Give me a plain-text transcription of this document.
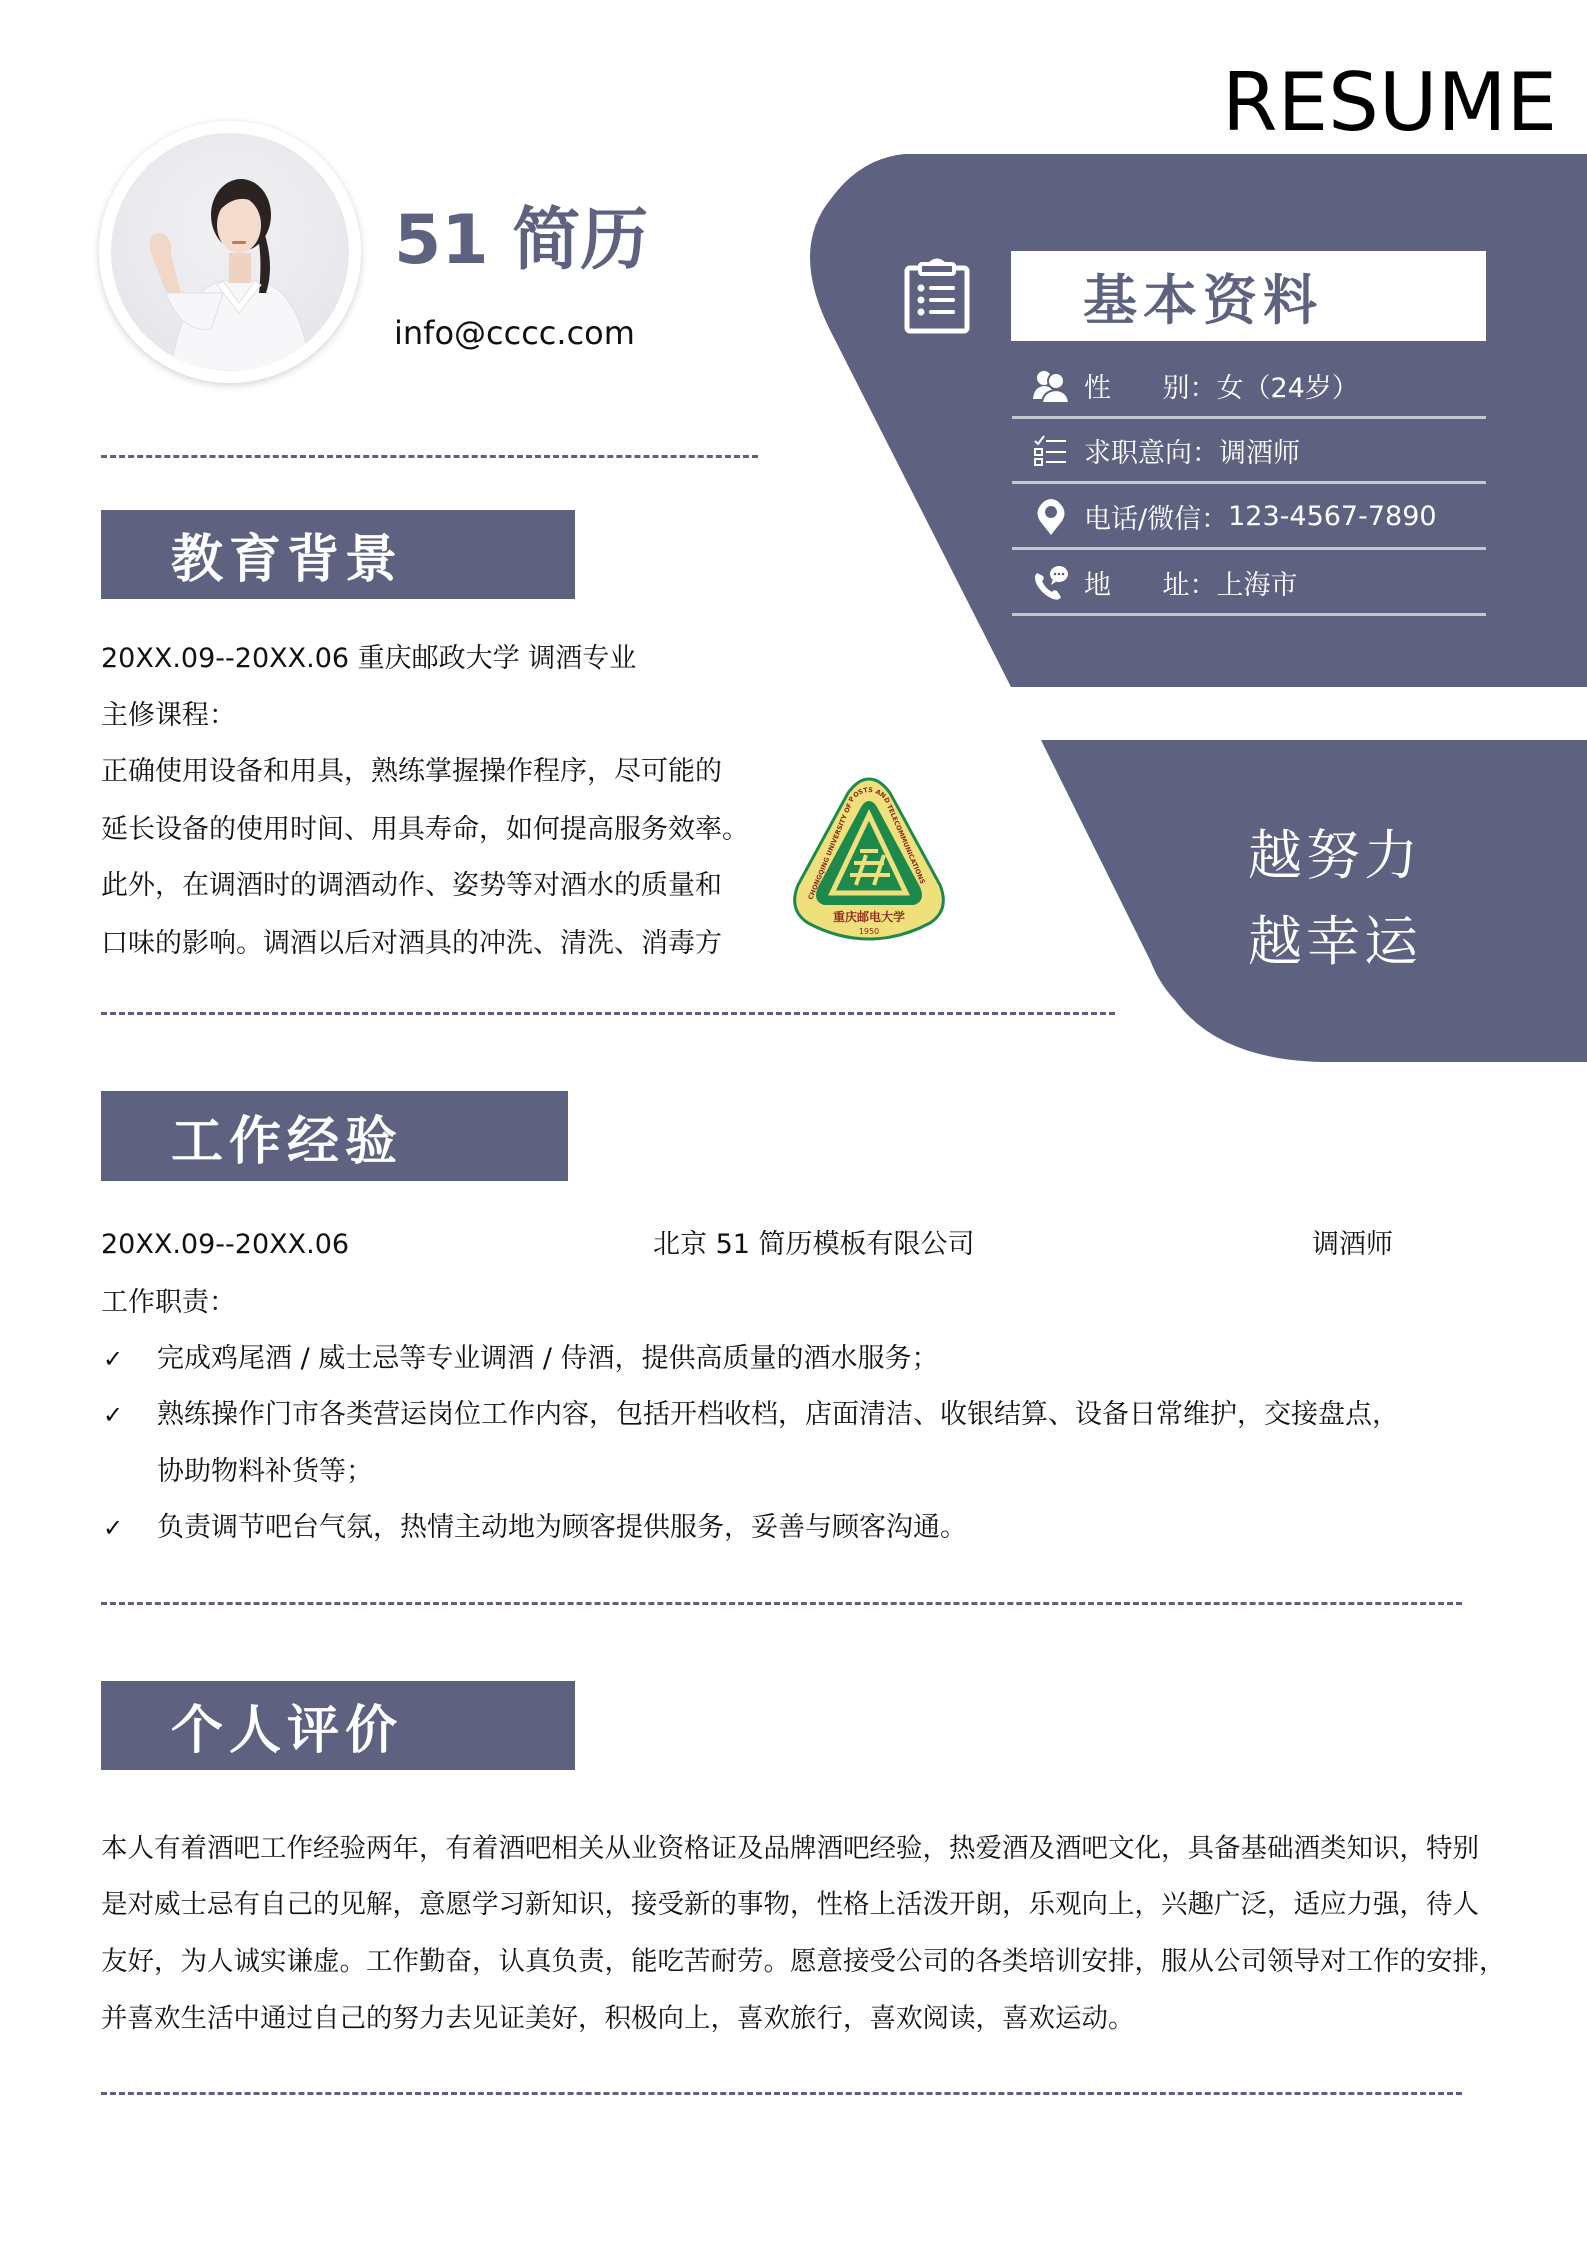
RESUME
51 简历
info@cccc.com
基本资料
性      别： 女（24岁）
求职意向： 调酒师
电话/微信： 123-4567-7890
地      址： 上海市
越努力
越幸运
教育背景
20XX.09--20XX.06 重庆邮政大学 调酒专业
主修课程：
正确使用设备和用具，熟练掌握操作程序，尽可能的
延长设备的使用时间、用具寿命，如何提高服务效率。
此外，在调酒时的调酒动作、姿势等对酒水的质量和
口味的影响。调酒以后对酒具的冲洗、清洗、消毒方
重庆邮电大学
1950
CHONGQING UNIVERSITY OF POSTS AND TELECOMMUNICATIONS
工作经验
20XX.09--20XX.06	北京 51 简历模板有限公司	调酒师
工作职责：
✓ 完成鸡尾酒 / 威士忌等专业调酒 / 侍酒，提供高质量的酒水服务；
✓ 熟练操作门市各类营运岗位工作内容，包括开档收档，店面清洁、收银结算、设备日常维护，交接盘点，
协助物料补货等；
✓ 负责调节吧台气氛，热情主动地为顾客提供服务，妥善与顾客沟通。
个人评价
本人有着酒吧工作经验两年，有着酒吧相关从业资格证及品牌酒吧经验，热爱酒及酒吧文化，具备基础酒类知识，特别
是对威士忌有自己的见解，意愿学习新知识，接受新的事物，性格上活泼开朗，乐观向上，兴趣广泛，适应力强，待人
友好，为人诚实谦虚。工作勤奋，认真负责，能吃苦耐劳。愿意接受公司的各类培训安排，服从公司领导对工作的安排，
并喜欢生活中通过自己的努力去见证美好，积极向上，喜欢旅行，喜欢阅读，喜欢运动。
